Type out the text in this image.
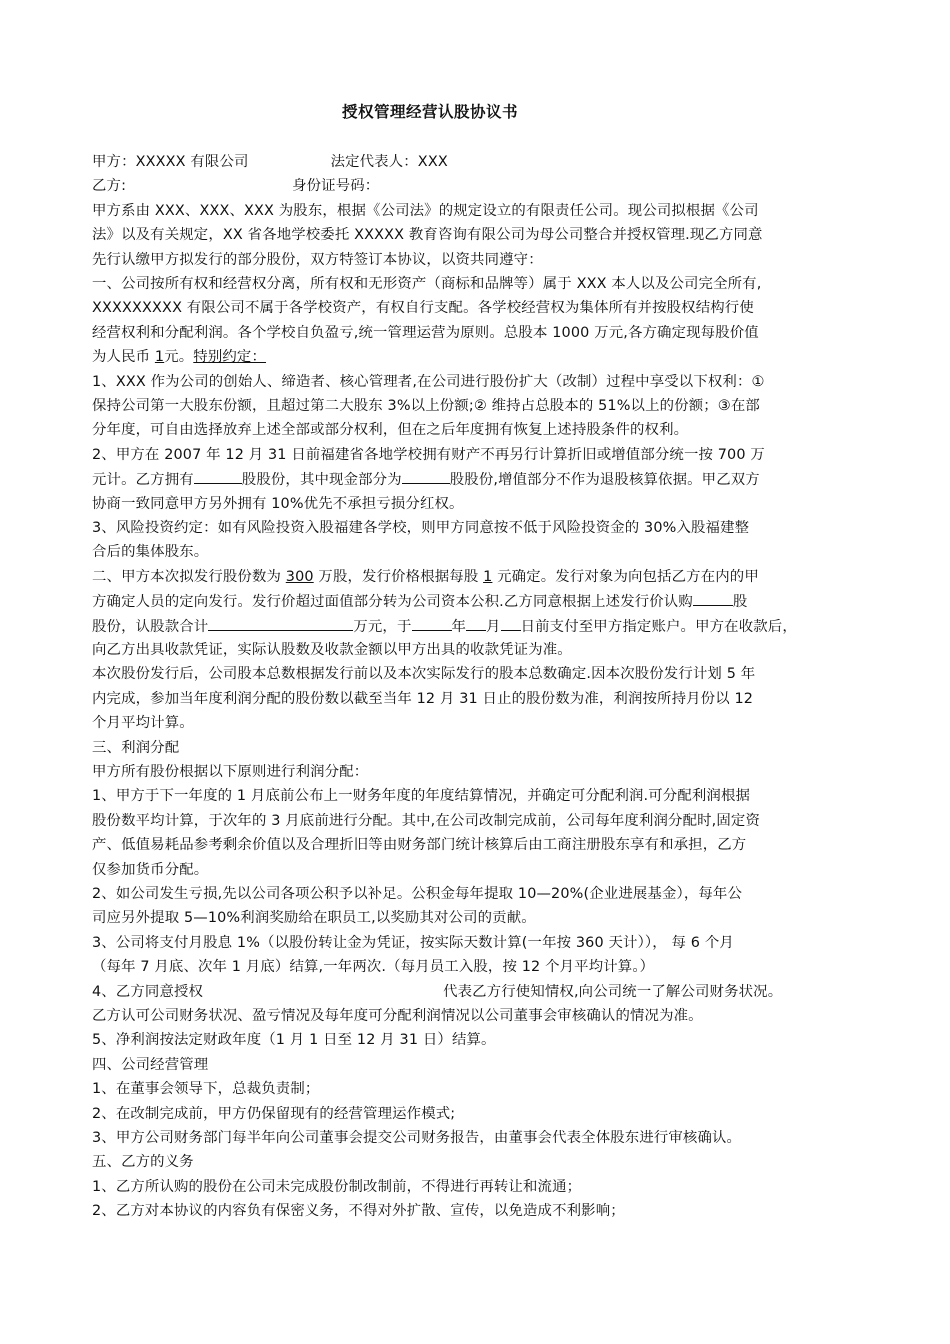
授权管理经营认股协议书
甲方：XXXXX 有限公司	法定代表人：XXX
乙方:	身份证号码：
甲方系由 XXX、XXX、XXX 为股东，根据《公司法》的规定设立的有限责任公司。现公司拟根据《公司
法》以及有关规定，XX 省各地学校委托 XXXXX 教育咨询有限公司为母公司整合并授权管理.现乙方同意
先行认缴甲方拟发行的部分股份，双方特签订本协议，以资共同遵守：
一、公司按所有权和经营权分离，所有权和无形资产（商标和品牌等）属于 XXX 本人以及公司完全所有,
XXXXXXXXX 有限公司不属于各学校资产，有权自行支配。各学校经营权为集体所有并按股权结构行使
经营权利和分配利润。各个学校自负盈亏,统一管理运营为原则。总股本 1000 万元,各方确定现每股价值
为人民币 1元。特别约定：
1、XXX 作为公司的创始人、缔造者、核心管理者,在公司进行股份扩大（改制）过程中享受以下权利：①
保持公司第一大股东份额，且超过第二大股东 3%以上份额;② 维持占总股本的 51%以上的份额；③在部
分年度，可自由选择放弃上述全部或部分权利，但在之后年度拥有恢复上述持股条件的权利。
2、甲方在 2007 年 12 月 31 日前福建省各地学校拥有财产不再另行计算折旧或增值部分统一按 700 万
元计。乙方拥有	股股份，其中现金部分为	股股份,增值部分不作为退股核算依据。甲乙双方
协商一致同意甲方另外拥有 10%优先不承担亏损分红权。
3、风险投资约定：如有风险投资入股福建各学校，则甲方同意按不低于风险投资金的 30%入股福建整
合后的集体股东。
二、甲方本次拟发行股份数为 300 万股，发行价格根据每股 1 元确定。发行对象为向包括乙方在内的甲
方确定人员的定向发行。发行价超过面值部分转为公司资本公积.乙方同意根据上述发行价认购	股
股份，认股款合计	万元，于	年 月 日前支付至甲方指定账户。甲方在收款后，
向乙方出具收款凭证，实际认股数及收款金额以甲方出具的收款凭证为准。
本次股份发行后，公司股本总数根据发行前以及本次实际发行的股本总数确定.因本次股份发行计划 5 年
内完成，参加当年度利润分配的股份数以截至当年 12 月 31 日止的股份数为准，利润按所持月份以 12
个月平均计算。
三、利润分配
甲方所有股份根据以下原则进行利润分配：
1、甲方于下一年度的 1 月底前公布上一财务年度的年度结算情况，并确定可分配利润.可分配利润根据
股份数平均计算，于次年的 3 月底前进行分配。其中,在公司改制完成前，公司每年度利润分配时,固定资
产、低值易耗品参考剩余价值以及合理折旧等由财务部门统计核算后由工商注册股东享有和承担，乙方
仅参加货币分配。
2、如公司发生亏损,先以公司各项公积予以补足。公积金每年提取 10—20%(企业进展基金），每年公
司应另外提取 5—10%利润奖励给在职员工,以奖励其对公司的贡献。
3、公司将支付月股息 1%（以股份转让金为凭证，按实际天数计算(一年按 360 天计））， 每 6 个月
（每年 7 月底、次年 1 月底）结算,一年两次.（每月员工入股，按 12 个月平均计算。）
4、乙方同意授权	代表乙方行使知情权,向公司统一了解公司财务状况。
乙方认可公司财务状况、盈亏情况及每年度可分配利润情况以公司董事会审核确认的情况为准。
5、净利润按法定财政年度（1 月 1 日至 12 月 31 日）结算。
四、公司经营管理
1、在董事会领导下，总裁负责制；
2、在改制完成前，甲方仍保留现有的经营管理运作模式;
3、甲方公司财务部门每半年向公司董事会提交公司财务报告，由董事会代表全体股东进行审核确认。
五、乙方的义务
1、乙方所认购的股份在公司未完成股份制改制前，不得进行再转让和流通；
2、乙方对本协议的内容负有保密义务，不得对外扩散、宣传，以免造成不利影响；
